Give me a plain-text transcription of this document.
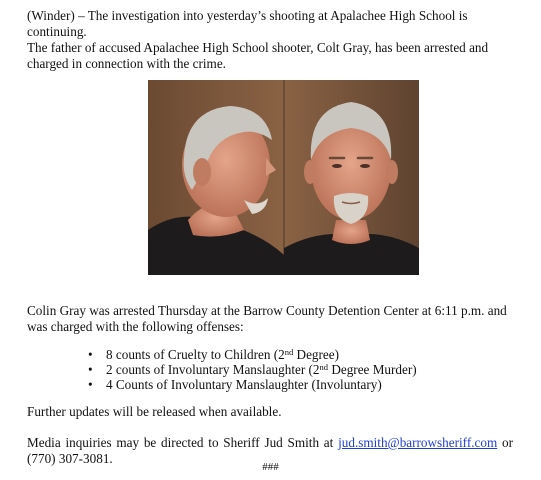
(Winder) – The investigation into yesterday’s shooting at Apalachee High School is continuing.

The father of accused Apalachee High School shooter, Colt Gray, has been arrested and charged in connection with the crime.

Colin Gray was arrested Thursday at the Barrow County Detention Center at 6:11 p.m. and was charged with the following offenses:

• 8 counts of Cruelty to Children (2nd Degree)
• 2 counts of Involuntary Manslaughter (2nd Degree Murder)
• 4 Counts of Involuntary Manslaughter (Involuntary)

Further updates will be released when available.

Media inquiries may be directed to Sheriff Jud Smith at jud.smith@barrowsheriff.com or (770) 307-3081.

###
